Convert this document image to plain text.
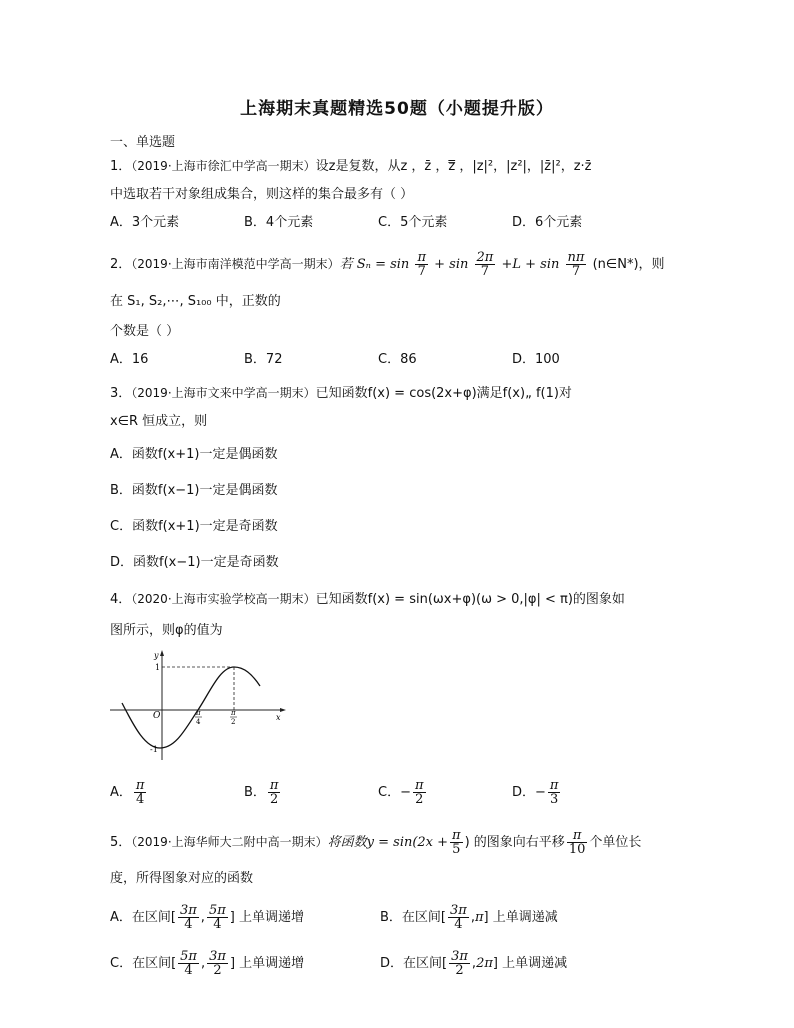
上海期末真题精选50题（小题提升版）
一、单选题
1．（2019·上海市徐汇中学高一期末）设z是复数，从z ，z̄ ，z̿ ，|z|²，|z²|，|z̄|²，z·z̄
中选取若干对象组成集合，则这样的集合最多有（ ）
A．3个元素	B．4个元素	C．5个元素	D．6个元素
2．（2019·上海市南洋模范中学高一期末）若 $S_n = \sin \frac{\pi}{7} + \sin \frac{2\pi}{7} +L + \sin \frac{n\pi}{7}$ (n∈N*)，则
在 S₁, S₂,⋯, S₁₀₀ 中，正数的
个数是（ ）
A．16	B．72	C．86	D．100
3．（2019·上海市文来中学高一期末）已知函数f(x) = cos(2x+φ)满足f(x)„ f(1)对
x∈R 恒成立，则
A．函数f(x+1)一定是偶函数
B．函数f(x−1)一定是偶函数
C．函数f(x+1)一定是奇函数
D．函数f(x−1)一定是奇函数
4．（2020·上海市实验学校高一期末）已知函数f(x) = sin(ωx+φ)(ω > 0,|φ| < π)的图象如
图所示，则φ的值为
y
x
O
1
-1
π
4
π
2
A． $\frac{\pi}{4}$	B． $\frac{\pi}{2}$	C．− $\frac{\pi}{2}$	D．− $\frac{\pi}{3}$
5．（2019·上海华师大二附中高一期末）将函数$y = \sin(2x + \frac{\pi}{5}$ ) 的图象向右平移 $\frac{\pi}{10}$ 个单位长
度，所得图象对应的函数
A．在区间[ $\frac{3\pi}{4}$ , $\frac{5\pi}{4}$ ] 上单调递增	B．在区间[ $\frac{3\pi}{4} ,\pi$] 上单调递减
C．在区间[ $\frac{5\pi}{4}$ , $\frac{3\pi}{2}$ ] 上单调递增	D．在区间[ $\frac{3\pi}{2} ,2\pi$] 上单调递减
